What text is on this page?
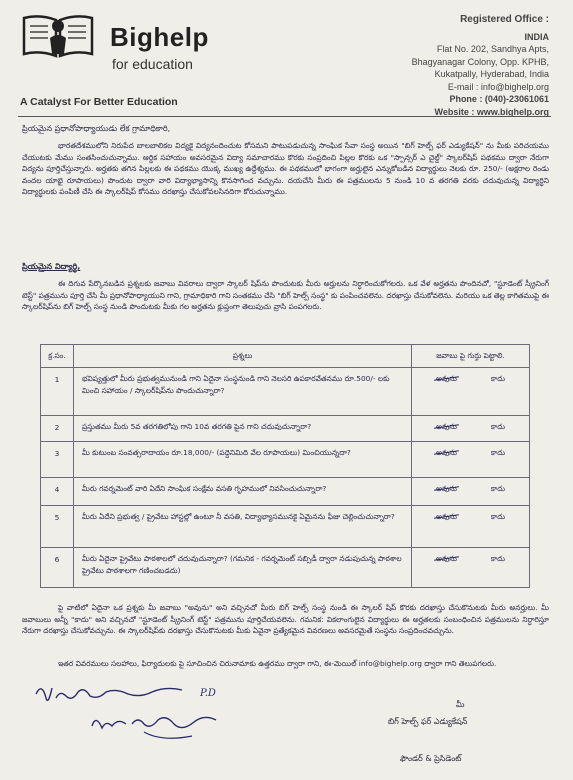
Bighelp
for education
A Catalyst For Better Education
Registered Office :
INDIA
Flat No. 202, Sandhya Apts,
Bhagyanagar Colony, Opp. KPHB,
Kukatpally, Hyderabad, India
E-mail : info@bighelp.org
Phone : (040)-23061061
Website : www.bighelp.org
ప్రియమైన ప్రధానోపాధ్యాయుడు లేక గ్రామాధికారి,
భారతదేశములోని నిరుపేద బాలబాలికల విద్యకై విద్యనందించుట కోసమని పాటుపడుచున్న సాంఘిక సేవా సంస్థ అయిన "బిగ్ హెల్ప్ ఫర్ ఎడ్యుకేషన్" ను మీకు పరిచయము చేయుటకు మేము సంతసించుచున్నాము. ఆర్థిక సహాయం అవసరమైన విద్యా సమాచారము కొరకు సంప్రదించి పిల్లల కొరకు ఒక "స్పాన్సర్ ఎ చైల్డ్" స్కాలర్‌షిప్ పథకము ద్వారా నేరుగా విద్యను పూర్తిచేస్తున్నారు. అర్హతకు తగిన పిల్లలకు ఈ పథకము యొక్క ముఖ్య ఉద్దేశ్యము. ఈ పథకములో భాగంగా అర్హులైన ఎన్నుకోబడిన విద్యార్థులు నెలకు రూ. 250/- (అక్షరాల రెండు వందల యాభై రూపాయలు) పొందుట ద్వారా వారి విద్యాభ్యాసాన్ని కొనసాగించ వచ్చును. దయచేసి మీరు ఈ పత్రములను 5 నుండి 10 వ తరగతి వరకు చదువుచున్న విద్యార్థిని విద్యార్థులకు పంపిణీ చేసి ఈ స్కాలర్‌షిప్ కోసము దరఖాస్తు చేసుకోవలసినదిగా కోరుచున్నాము.
ప్రియమైన విద్యార్థి,
ఈ దిగువ పేర్కొనబడిన ప్రశ్నలకు జవాబు వివరాలు ద్వారా స్కాలర్ షిప్‌ను పొందుటకు మీరు అర్హులను నిర్ధారించుకోగలరు. ఒక వేళ అర్హతను పొందినచో, "స్టూడెంట్ స్క్రీనింగ్ టెస్ట్" పత్రమును పూర్తి చేసి మీ ప్రధానోపాధ్యాయుని గాని, గ్రామాధికారి గాని సంతకము చేసి "బిగ్ హెల్ప్ సంస్థ" కు పంపించవలెను. దరఖాస్తు చేసుకోవలెను. మరియు ఒక తెల్ల కాగితముపై ఈ స్కాలర్‌షిప్‌ను బిగ్ హెల్ప్ సంస్థ నుండి పొందుటకు మీకు గల అర్హతను క్లుప్తంగా తెలుపుచు వ్రాసి పంపగలరు.
క్ర.సం.	ప్రశ్నలు	జవాబు పై గుర్తు పెట్టాలి.
1	భవిష్యత్తులో మీరు ప్రభుత్వమునుండి గాని ఏదైనా సంస్థనుండి గాని నెలసరి ఉపకారవేతనము రూ.500/- లకు మించి సహాయం / స్కాలర్‌షిప్‌ను పొందుచున్నారా?	అవును కాదు

2	ప్రస్తుతము మీరు 5వ తరగతిలోపు గాని 10వ తరగతి పైన గాని చదువుచున్నారా?	అవును కాదు

3	మీ కుటుంబ సంవత్సరాదాయం రూ.18,000/- (పద్దెనిమిది వేల రూపాయలు) మించియున్నదా?	అవును కాదు

4	మీరు గవర్నమెంట్ వారి ఏదేని సాంఘిక సంక్షేమ వసతి గృహములో నివసించుచున్నారా?	అవును కాదు

5	మీరు ఏదేని ప్రభుత్వ / ప్రైవేటు హాస్టల్లో ఉంటూ నీ వసతి, విద్యాభ్యాసమునకై ఏమైనను ఫీజు చెల్లించుచున్నారా?	అవును కాదు

6	మీరు ఏదైనా ప్రైవేటు పాఠశాలలో చదువుచున్నారా? (గమనిక - గవర్నమెంట్ సబ్సిడీ ద్వారా నడుపుచున్న పాఠశాల ప్రైవేటు పాఠశాలగా గణించబడదు)	అవును కాదు
పై వాటిలో ఏదైనా ఒక ప్రశ్నకు మీ జవాబు "అవును" అని వచ్చినచో మీరు బిగ్ హెల్ప్ సంస్థ నుండి ఈ స్కాలర్ షిప్ కొరకు దరఖాస్తు చేసుకొనుటకు మీరు అనర్హులు. మీ జవాబులు అన్నీ "కాదు" అని వచ్చినచో "స్టూడెంట్ స్క్రీనింగ్ టెస్ట్" పత్రమును పూర్తిచేయవలెను. గమనిక: వికలాంగులైన విద్యార్థులు ఈ అర్హతలకు సంబంధించిన పత్రములను నిర్ధారిస్తూ నేరుగా దరఖాస్తు చేసుకోవచ్చును. ఈ స్కాలర్‌షిప్‌కు దరఖాస్తు చేసుకొనుటకు మీకు ఏవైనా ప్రత్యేకమైన వివరణలు అవసరమైతే సంస్థను సంప్రదించవచ్చును.
ఇతర వివరములు సలహాలు, ఫిర్యాదులకు పై సూచించిన చిరునామాకు ఉత్తరము ద్వారా గాని, ఈ-మెయిల్ info@bighelp.org ద్వారా గాని తెలుపగలరు.
P.D
మీ
బిగ్ హెల్ప్ ఫర్ ఎడ్యుకేషన్
ఫౌండర్ & ప్రెసిడెంట్
